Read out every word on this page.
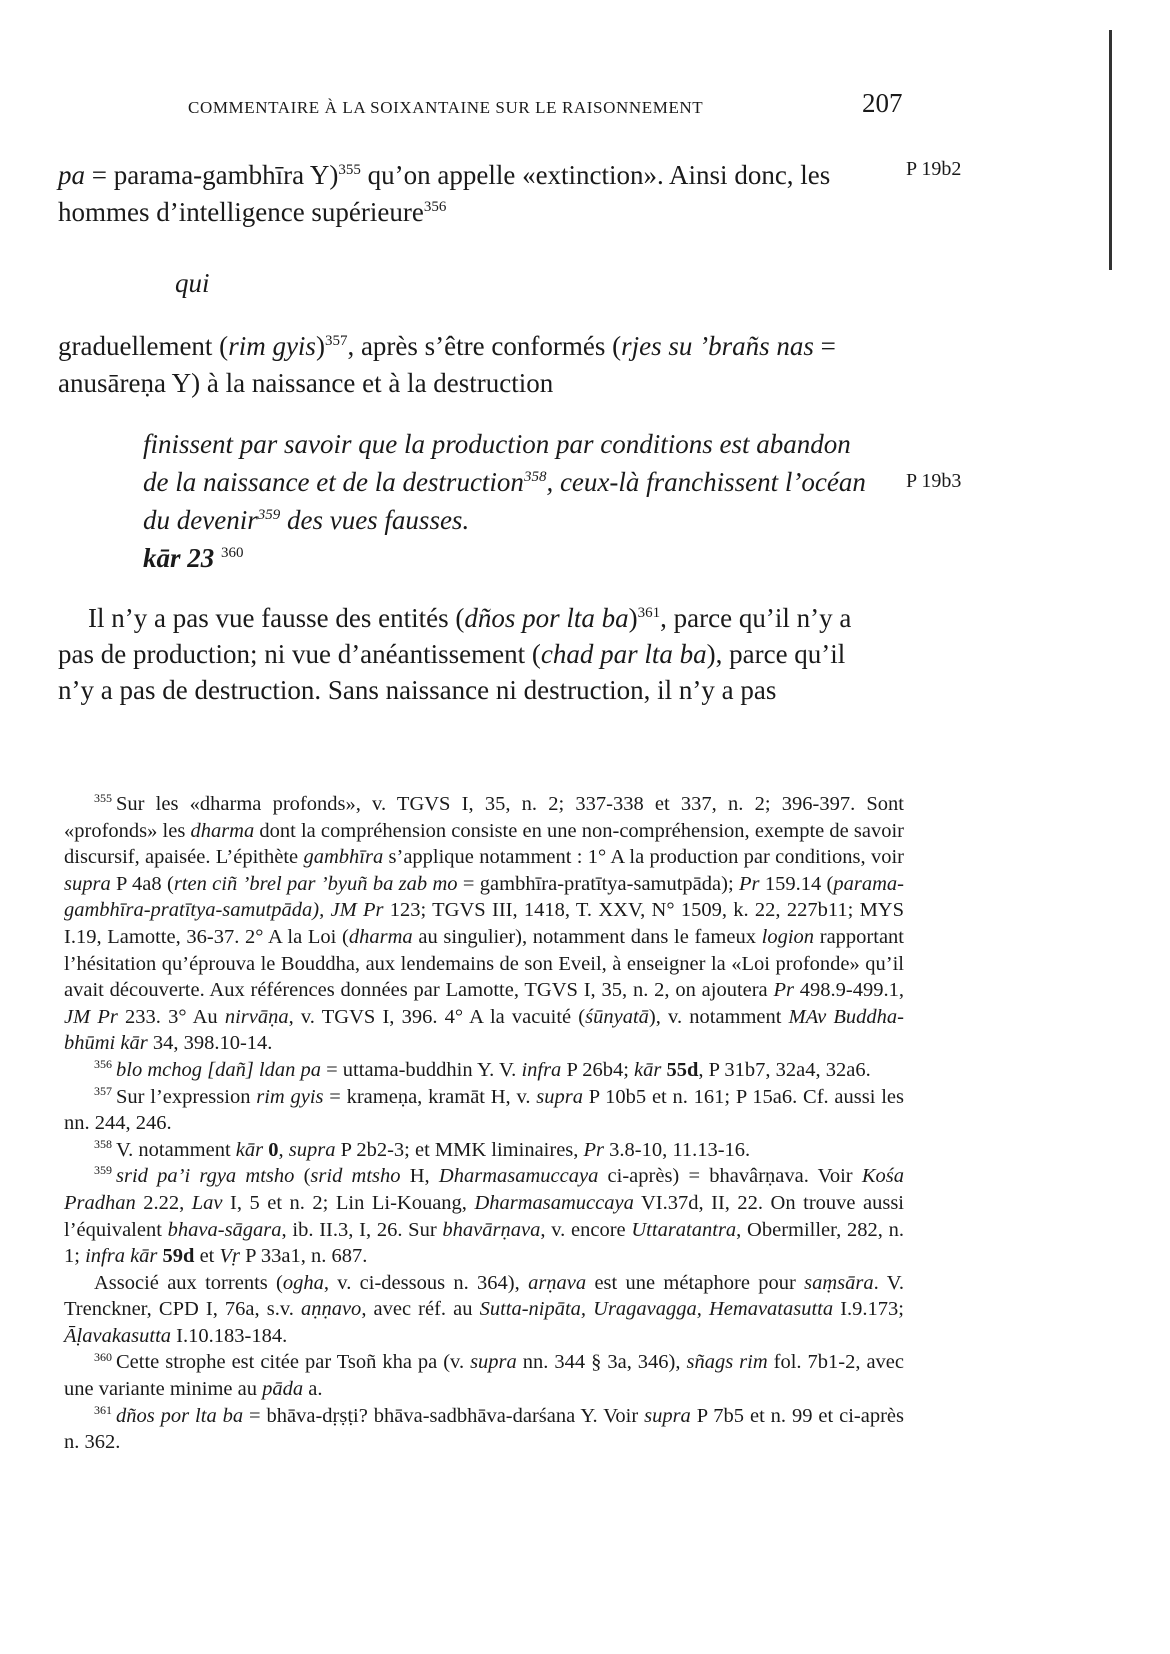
COMMENTAIRE À LA SOIXANTAINE SUR LE RAISONNEMENT	207
P 19b2
P 19b3

pa = parama-gambhīra Y)$^{355}$ qu’on appelle «extinction». Ainsi donc, les hommes d’intelligence supérieure$^{356}$

qui

graduellement (rim gyis)$^{357}$, après s’être conformés (rjes su ’brañs nas = anusāreṇa Y) à la naissance et à la destruction

finissent par savoir que la production par conditions est abandon de la naissance et de la destruction$^{358}$, ceux-là franchissent l’océan du devenir$^{359}$ des vues fausses.

kār 23 $^{360}$

Il n’y a pas vue fausse des entités (dños por lta ba)$^{361}$, parce qu’il n’y a pas de production; ni vue d’anéantissement (chad par lta ba), parce qu’il n’y a pas de destruction. Sans naissance ni destruction, il n’y a pas

$^{355}$ Sur les «dharma profonds», v. TGVS I, 35, n. 2; 337-338 et 337, n. 2; 396-397. Sont «profonds» les dharma dont la compréhension consiste en une non-compréhension, exempte de savoir discursif, apaisée. L’épithète gambhīra s’applique notamment : 1° A la production par conditions, voir supra P 4a8 (rten ciñ ’brel par ’byuñ ba zab mo = gambhīra-pratītya-samutpāda); Pr 159.14 (parama-gambhīra-pratītya-samutpāda), JM Pr 123; TGVS III, 1418, T. XXV, N° 1509, k. 22, 227b11; MYS I.19, Lamotte, 36-37. 2° A la Loi (dharma au singulier), notamment dans le fameux logion rapportant l’hésitation qu’éprouva le Bouddha, aux lendemains de son Eveil, à enseigner la «Loi profonde» qu’il avait découverte. Aux références données par Lamotte, TGVS I, 35, n. 2, on ajoutera Pr 498.9-499.1, JM Pr 233. 3° Au nirvāṇa, v. TGVS I, 396. 4° A la vacuité (śūnyatā), v. notamment MAv Buddha-bhūmi kār 34, 398.10-14.

$^{356}$ blo mchog [dañ] ldan pa = uttama-buddhin Y. V. infra P 26b4; kār 55d, P 31b7, 32a4, 32a6.

$^{357}$ Sur l’expression rim gyis = krameṇa, kramāt H, v. supra P 10b5 et n. 161; P 15a6. Cf. aussi les nn. 244, 246.

$^{358}$ V. notamment kār 0, supra P 2b2-3; et MMK liminaires, Pr 3.8-10, 11.13-16.

$^{359}$ srid pa’i rgya mtsho (srid mtsho H, Dharmasamuccaya ci-après) = bhavârṇava. Voir Kośa Pradhan 2.22, Lav I, 5 et n. 2; Lin Li-Kouang, Dharmasamuccaya VI.37d, II, 22. On trouve aussi l’équivalent bhava-sāgara, ib. II.3, I, 26. Sur bhavārṇava, v. encore Uttaratantra, Obermiller, 282, n. 1; infra kār 59d et Vṛ P 33a1, n. 687.

Associé aux torrents (ogha, v. ci-dessous n. 364), arṇava est une métaphore pour saṃsāra. V. Trenckner, CPD I, 76a, s.v. aṇṇavo, avec réf. au Sutta-nipāta, Uragavagga, Hemavatasutta I.9.173; Āḷavakasutta I.10.183-184.

$^{360}$ Cette strophe est citée par Tsoñ kha pa (v. supra nn. 344 § 3a, 346), sñags rim fol. 7b1-2, avec une variante minime au pāda a.

$^{361}$ dños por lta ba = bhāva-dṛṣṭi? bhāva-sadbhāva-darśana Y. Voir supra P 7b5 et n. 99 et ci-après n. 362.
